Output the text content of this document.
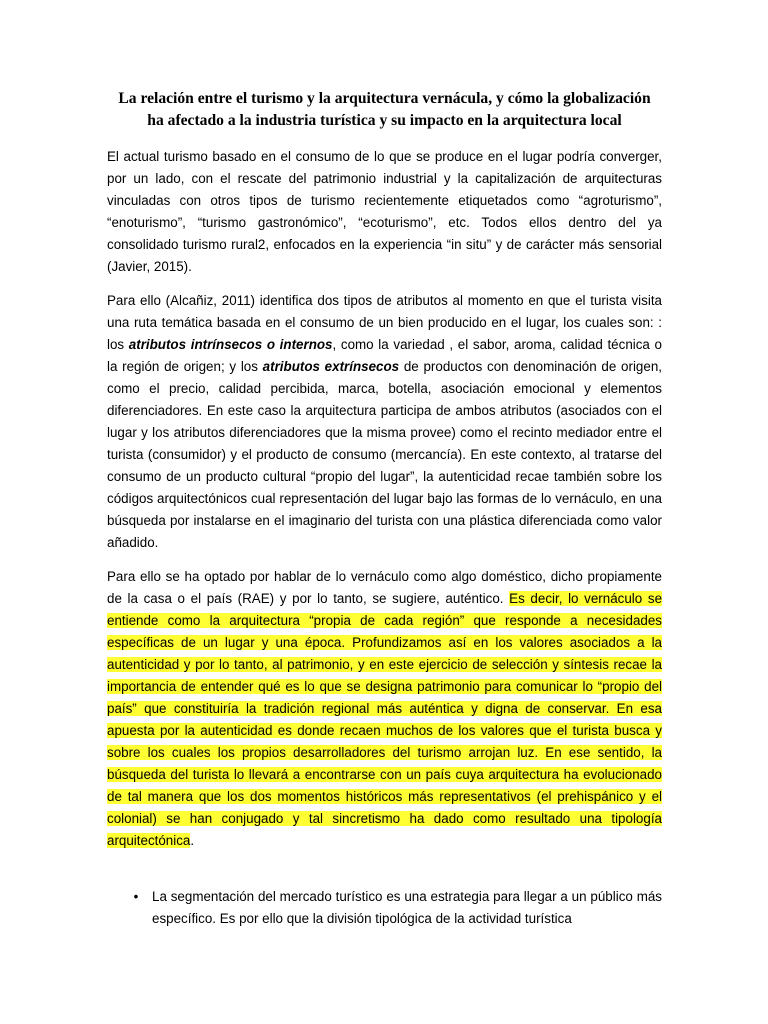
La relación entre el turismo y la arquitectura vernácula, y cómo la globalización
ha afectado a la industria turística y su impacto en la arquitectura local

El actual turismo basado en el consumo de lo que se produce en el lugar podría converger, por un lado, con el rescate del patrimonio industrial y la capitalización de arquitecturas vinculadas con otros tipos de turismo recientemente etiquetados como “agroturismo”, “enoturismo”, “turismo gastronómico”, “ecoturismo”, etc. Todos ellos dentro del ya consolidado turismo rural2, enfocados en la experiencia “in situ” y de carácter más sensorial (Javier, 2015).

Para ello (Alcañiz, 2011) identifica dos tipos de atributos al momento en que el turista visita una ruta temática basada en el consumo de un bien producido en el lugar, los cuales son: : los atributos intrínsecos o internos, como la variedad , el sabor, aroma, calidad técnica o la región de origen; y los atributos extrínsecos de productos con denominación de origen, como el precio, calidad percibida, marca, botella, asociación emocional y elementos diferenciadores. En este caso la arquitectura participa de ambos atributos (asociados con el lugar y los atributos diferenciadores que la misma provee) como el recinto mediador entre el turista (consumidor) y el producto de consumo (mercancía). En este contexto, al tratarse del consumo de un producto cultural “propio del lugar”, la autenticidad recae también sobre los códigos arquitectónicos cual representación del lugar bajo las formas de lo vernáculo, en una búsqueda por instalarse en el imaginario del turista con una plástica diferenciada como valor añadido.

Para ello se ha optado por hablar de lo vernáculo como algo doméstico, dicho propiamente de la casa o el país (RAE) y por lo tanto, se sugiere, auténtico. Es decir, lo vernáculo se entiende como la arquitectura “propia de cada región” que responde a necesidades específicas de un lugar y una época. Profundizamos así en los valores asociados a la autenticidad y por lo tanto, al patrimonio, y en este ejercicio de selección y síntesis recae la importancia de entender qué es lo que se designa patrimonio para comunicar lo “propio del país” que constituiría la tradición regional más auténtica y digna de conservar. En esa apuesta por la autenticidad es donde recaen muchos de los valores que el turista busca y sobre los cuales los propios desarrolladores del turismo arrojan luz. En ese sentido, la búsqueda del turista lo llevará a encontrarse con un país cuya arquitectura ha evolucionado de tal manera que los dos momentos históricos más representativos (el prehispánico y el colonial) se han conjugado y tal sincretismo ha dado como resultado una tipología arquitectónica.

• La segmentación del mercado turístico es una estrategia para llegar a un público más específico. Es por ello que la división tipológica de la actividad turística
